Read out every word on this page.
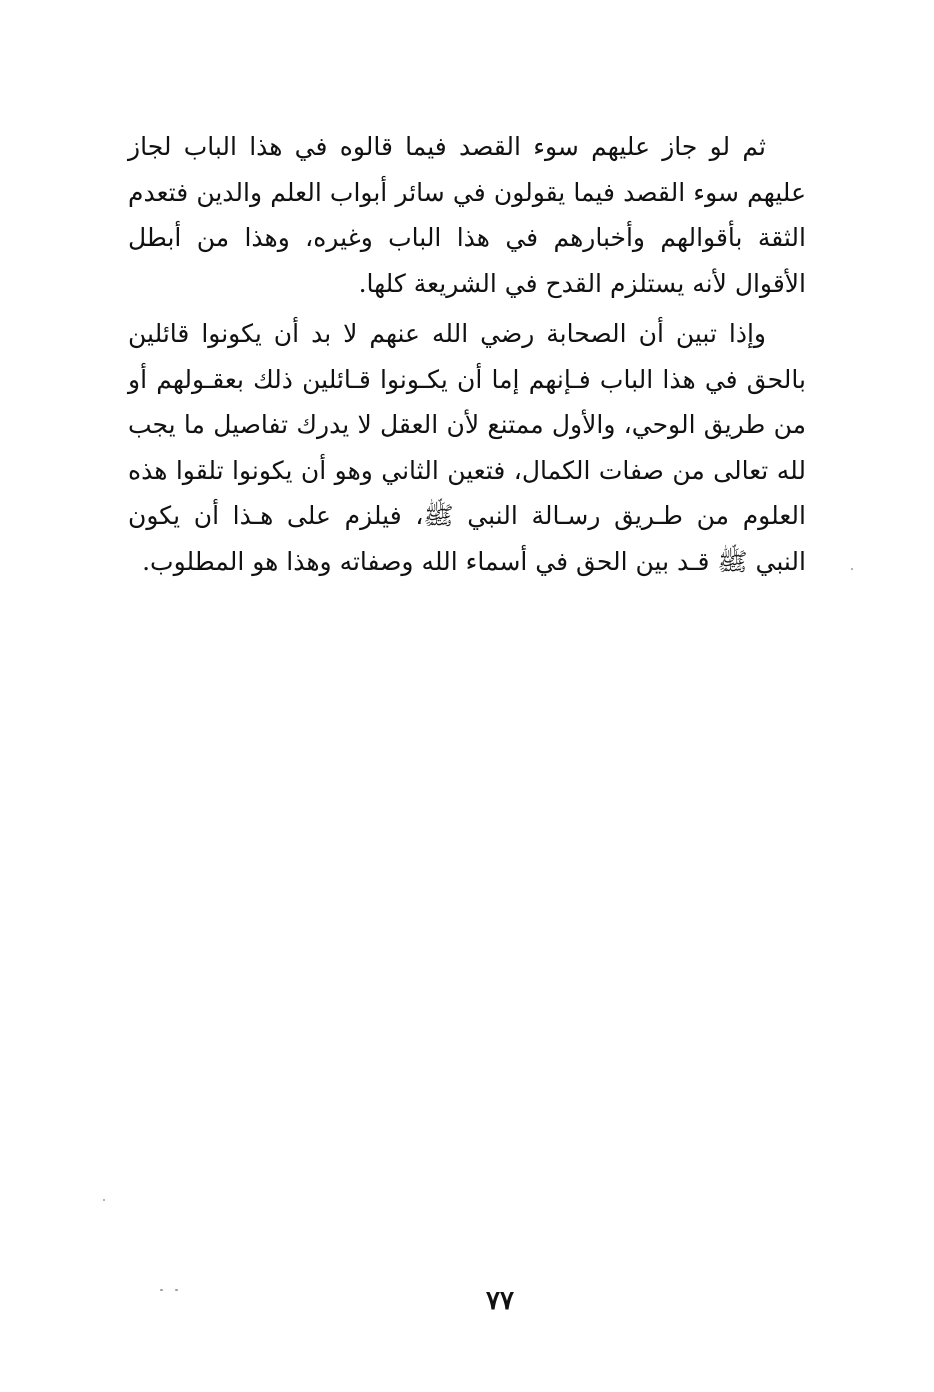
ثم لو جاز عليهم سوء القصد فيما قالوه في هذا الباب لجاز عليهم سوء القصد فيما يقولون في سائر أبواب العلم والدين فتعدم الثقة بأقوالهم وأخبارهم في هذا الباب وغيره، وهذا من أبطل الأقوال لأنه يستلزم القدح في الشريعة كلها.

وإذا تبين أن الصحابة رضي الله عنهم لا بد أن يكونوا قائلين بالحق في هذا الباب فـإنهم إما أن يكـونوا قـائلين ذلك بعقـولهم أو من طريق الوحي، والأول ممتنع لأن العقل لا يدرك تفاصيل ما يجب لله تعالى من صفات الكمال، فتعين الثاني وهو أن يكونوا تلقوا هذه العلوم من طـريق رسـالة النبي ﷺ، فيلزم على هـذا أن يكون النبي ﷺ قـد بين الحق في أسماء الله وصفاته وهذا هو المطلوب.

٧٧
